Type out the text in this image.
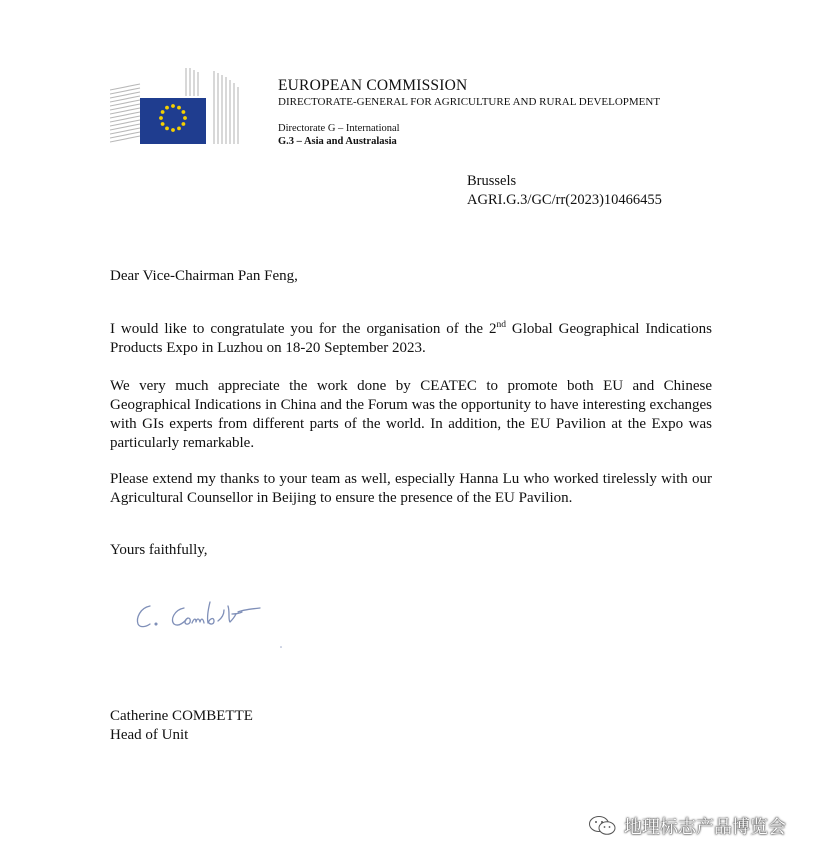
EUROPEAN COMMISSION
DIRECTORATE-GENERAL FOR AGRICULTURE AND RURAL DEVELOPMENT
Directorate G – International
G.3 – Asia and Australasia
Brussels
AGRI.G.3/GC/rr(2023)10466455
Dear Vice-Chairman Pan Feng,
I would like to congratulate you for the organisation of the 2nd Global Geographical Indications Products Expo in Luzhou on 18-20 September 2023.
We very much appreciate the work done by CEATEC to promote both EU and Chinese Geographical Indications in China and the Forum was the opportunity to have interesting exchanges with GIs experts from different parts of the world. In addition, the EU Pavilion at the Expo was particularly remarkable.
Please extend my thanks to your team as well, especially Hanna Lu who worked tirelessly with our Agricultural Counsellor in Beijing to ensure the presence of the EU Pavilion.
Yours faithfully,
Catherine COMBETTE
Head of Unit
地理标志产品博览会
